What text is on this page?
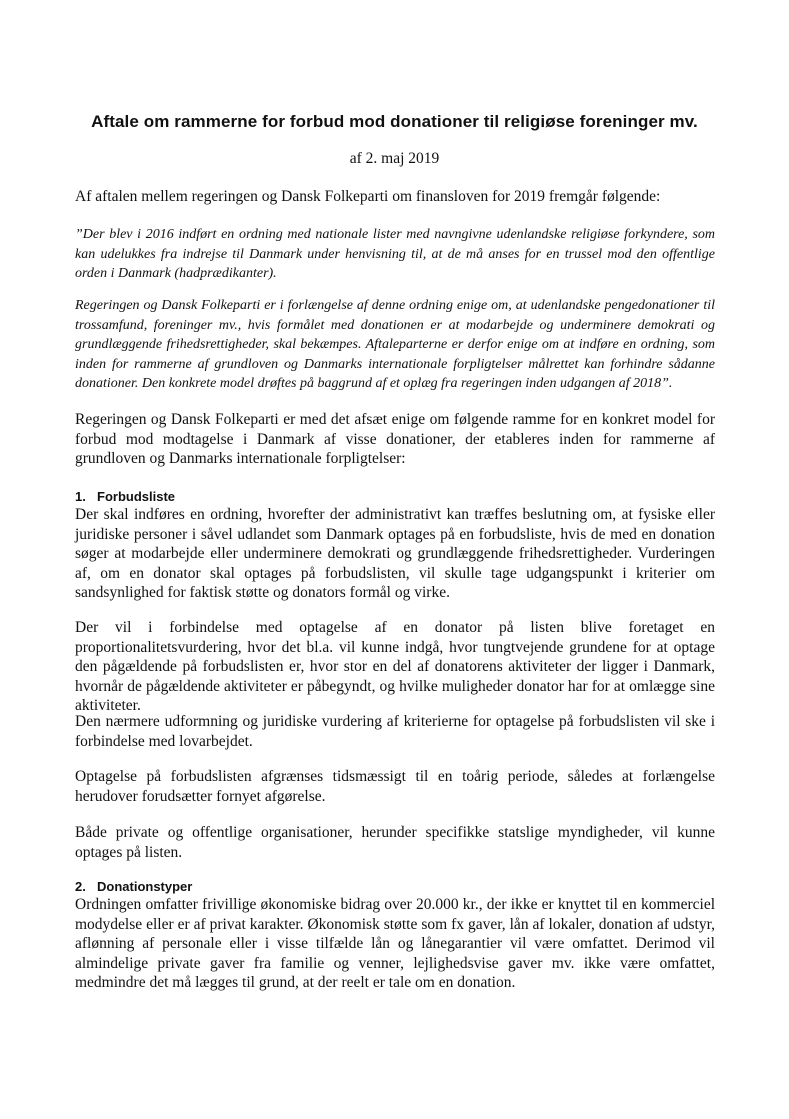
Aftale om rammerne for forbud mod donationer til religiøse foreninger mv.
af 2. maj 2019

Af aftalen mellem regeringen og Dansk Folkeparti om finansloven for 2019 fremgår følgende:

”Der blev i 2016 indført en ordning med nationale lister med navngivne udenlandske religiøse forkyndere, som kan udelukkes fra indrejse til Danmark under henvisning til, at de må anses for en trussel mod den offentlige orden i Danmark (hadprædikanter).

Regeringen og Dansk Folkeparti er i forlængelse af denne ordning enige om, at udenlandske pengedonationer til trossamfund, foreninger mv., hvis formålet med donationen er at modarbejde og underminere demokrati og grundlæggende frihedsrettigheder, skal bekæmpes. Aftaleparterne er derfor enige om at indføre en ordning, som inden for rammerne af grundloven og Danmarks internationale forpligtelser målrettet kan forhindre sådanne donationer. Den konkrete model drøftes på baggrund af et oplæg fra regeringen inden udgangen af 2018”.

Regeringen og Dansk Folkeparti er med det afsæt enige om følgende ramme for en konkret model for forbud mod modtagelse i Danmark af visse donationer, der etableres inden for rammerne af grundloven og Danmarks internationale forpligtelser:

1. Forbudsliste

Der skal indføres en ordning, hvorefter der administrativt kan træffes beslutning om, at fysiske eller juridiske personer i såvel udlandet som Danmark optages på en forbudsliste, hvis de med en donation søger at modarbejde eller underminere demokrati og grundlæggende frihedsrettigheder. Vurderingen af, om en donator skal optages på forbudslisten, vil skulle tage udgangspunkt i kriterier om sandsynlighed for faktisk støtte og donators formål og virke.

Der vil i forbindelse med optagelse af en donator på listen blive foretaget en proportionalitetsvurdering, hvor det bl.a. vil kunne indgå, hvor tungtvejende grundene for at optage den pågældende på forbudslisten er, hvor stor en del af donatorens aktiviteter der ligger i Danmark, hvornår de pågældende aktiviteter er påbegyndt, og hvilke muligheder donator har for at omlægge sine aktiviteter.

Den nærmere udformning og juridiske vurdering af kriterierne for optagelse på forbudslisten vil ske i forbindelse med lovarbejdet.

Optagelse på forbudslisten afgrænses tidsmæssigt til en toårig periode, således at forlængelse herudover forudsætter fornyet afgørelse.

Både private og offentlige organisationer, herunder specifikke statslige myndigheder, vil kunne optages på listen.

2. Donationstyper

Ordningen omfatter frivillige økonomiske bidrag over 20.000 kr., der ikke er knyttet til en kommerciel modydelse eller er af privat karakter. Økonomisk støtte som fx gaver, lån af lokaler, donation af udstyr, aflønning af personale eller i visse tilfælde lån og lånegarantier vil være omfattet. Derimod vil almindelige private gaver fra familie og venner, lejlighedsvise gaver mv. ikke være omfattet, medmindre det må lægges til grund, at der reelt er tale om en donation.
